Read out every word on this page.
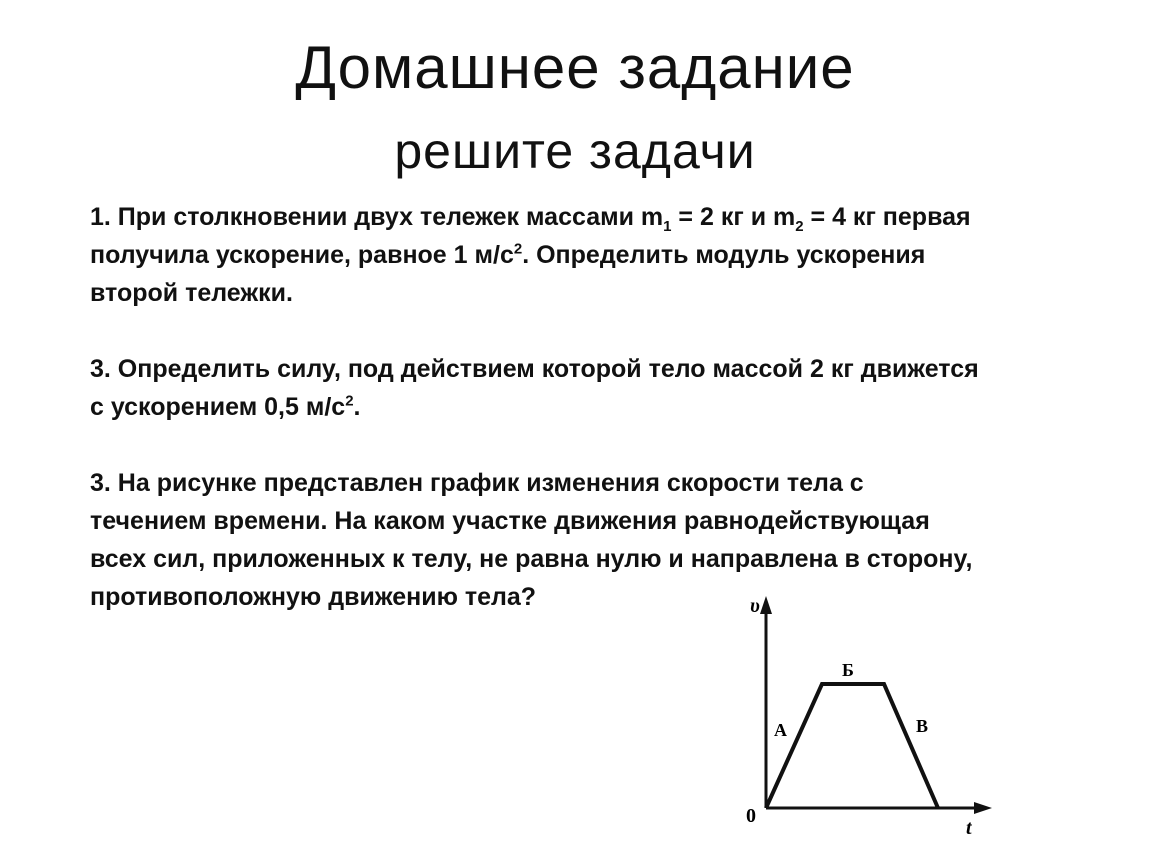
Домашнее задание
решите задачи

1. При столкновении двух тележек массами $m_1 = 2$ кг и $m_2 = 4$ кг первая

получила ускорение, равное 1 $м/с^2$. Определить модуль ускорения

второй тележки.

3. Определить силу, под действием которой тело массой 2 кг движется

с ускорением 0,5 $м/с^2$.

3. На рисунке представлен график изменения скорости тела с

течением времени. На каком участке движения равнодействующая

всех сил, приложенных к телу, не равна нулю и направлена в сторону,

противоположную движению тела?	υ
t
0
А
Б
В
